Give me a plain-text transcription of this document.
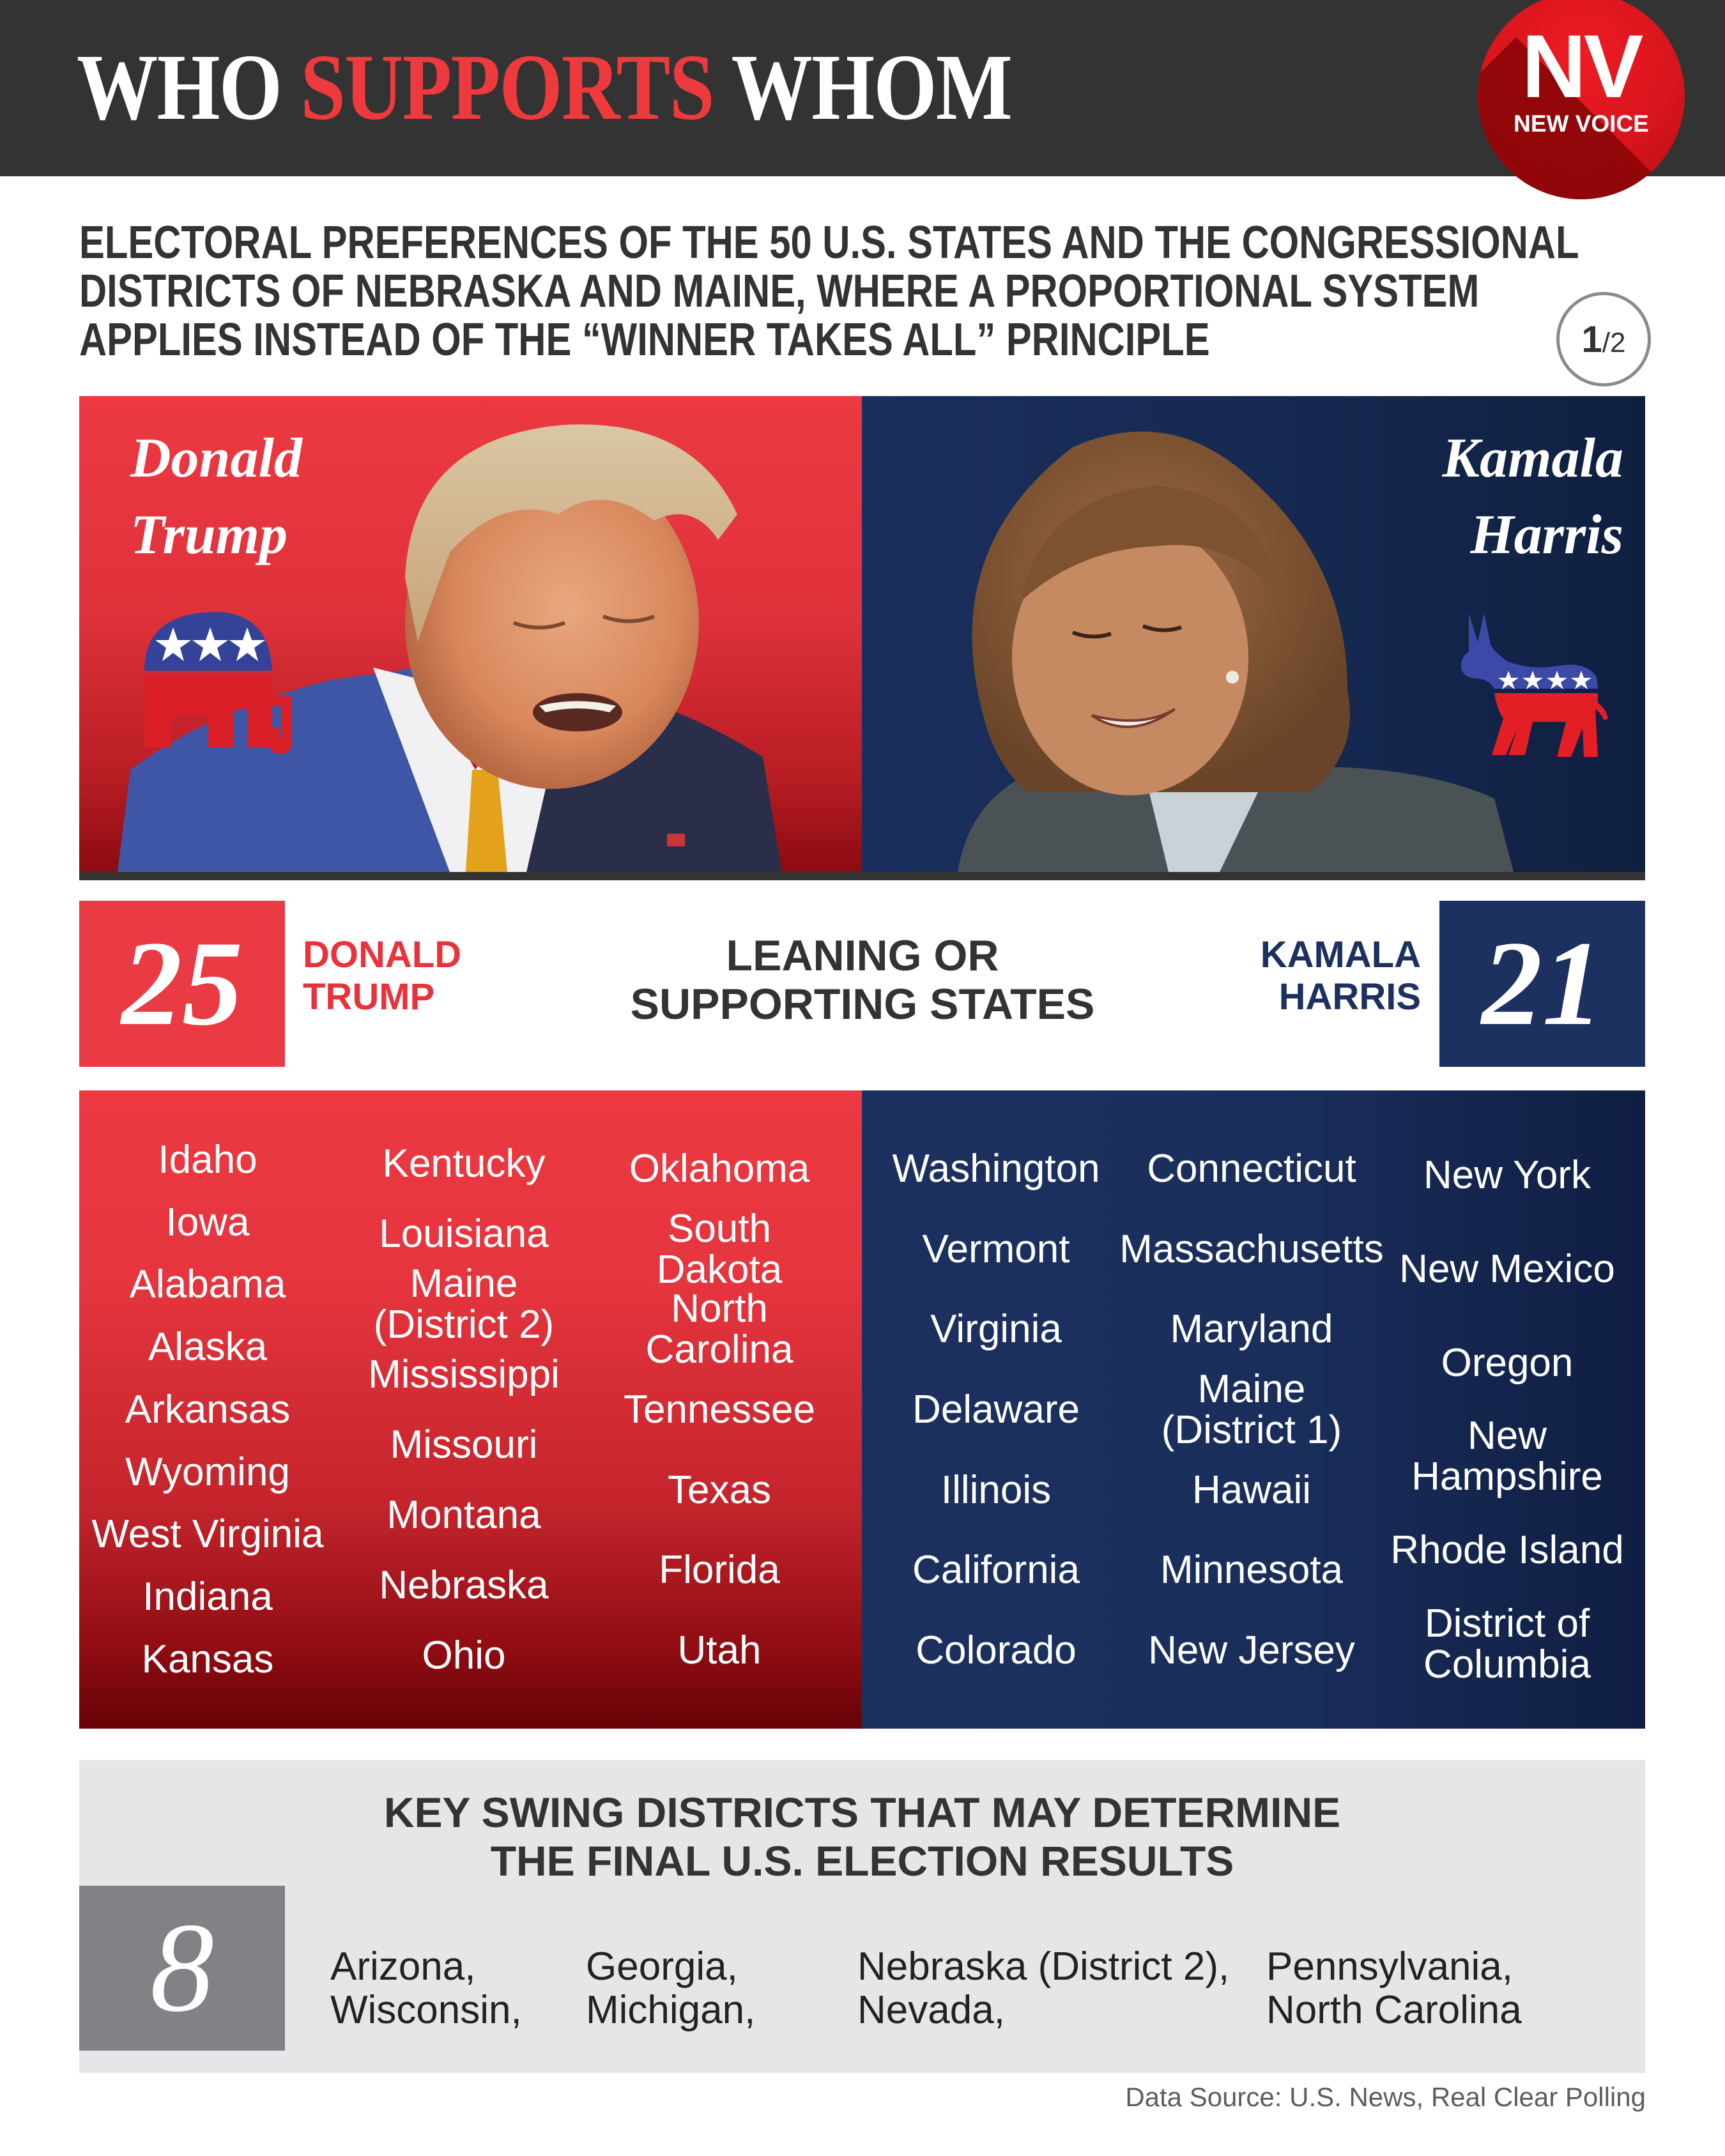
WHO SUPPORTS WHOM	NV
NEW VOICE
ELECTORAL PREFERENCES OF THE 50 U.S. STATES AND THE CONGRESSIONAL
DISTRICTS OF NEBRASKA AND MAINE, WHERE A PROPORTIONAL SYSTEM
APPLIES INSTEAD OF THE “WINNER TAKES ALL” PRINCIPLE	1 / 2
Donald
Trump
Kamala
Harris
25	DONALD
TRUMP
LEANING OR
SUPPORTING STATES
KAMALA
HARRIS 21
Idaho
Iowa
Alabama
Alaska
Arkansas
Wyoming
West Virginia
Indiana
Kansas
Kentucky
Louisiana
Maine
(District 2)
Mississippi
Missouri
Montana
Nebraska
Ohio
Oklahoma
South
Dakota
North
Carolina
Tennessee
Texas
Florida
Utah
Washington
Vermont
Virginia
Delaware
Illinois
California
Colorado
Connecticut
Massachusetts
Maryland
Maine
(District 1)
Hawaii
Minnesota
New Jersey
New York
New Mexico
Oregon
New
Hampshire
Rhode Island
District of
Columbia
KEY SWING DISTRICTS THAT MAY DETERMINE
THE FINAL U.S. ELECTION RESULTS
8	Arizona,
Wisconsin,
Georgia,
Michigan,
Nebraska (District 2),
Nevada,
Pennsylvania,
North Carolina
Data Source: U.S. News, Real Clear Polling
